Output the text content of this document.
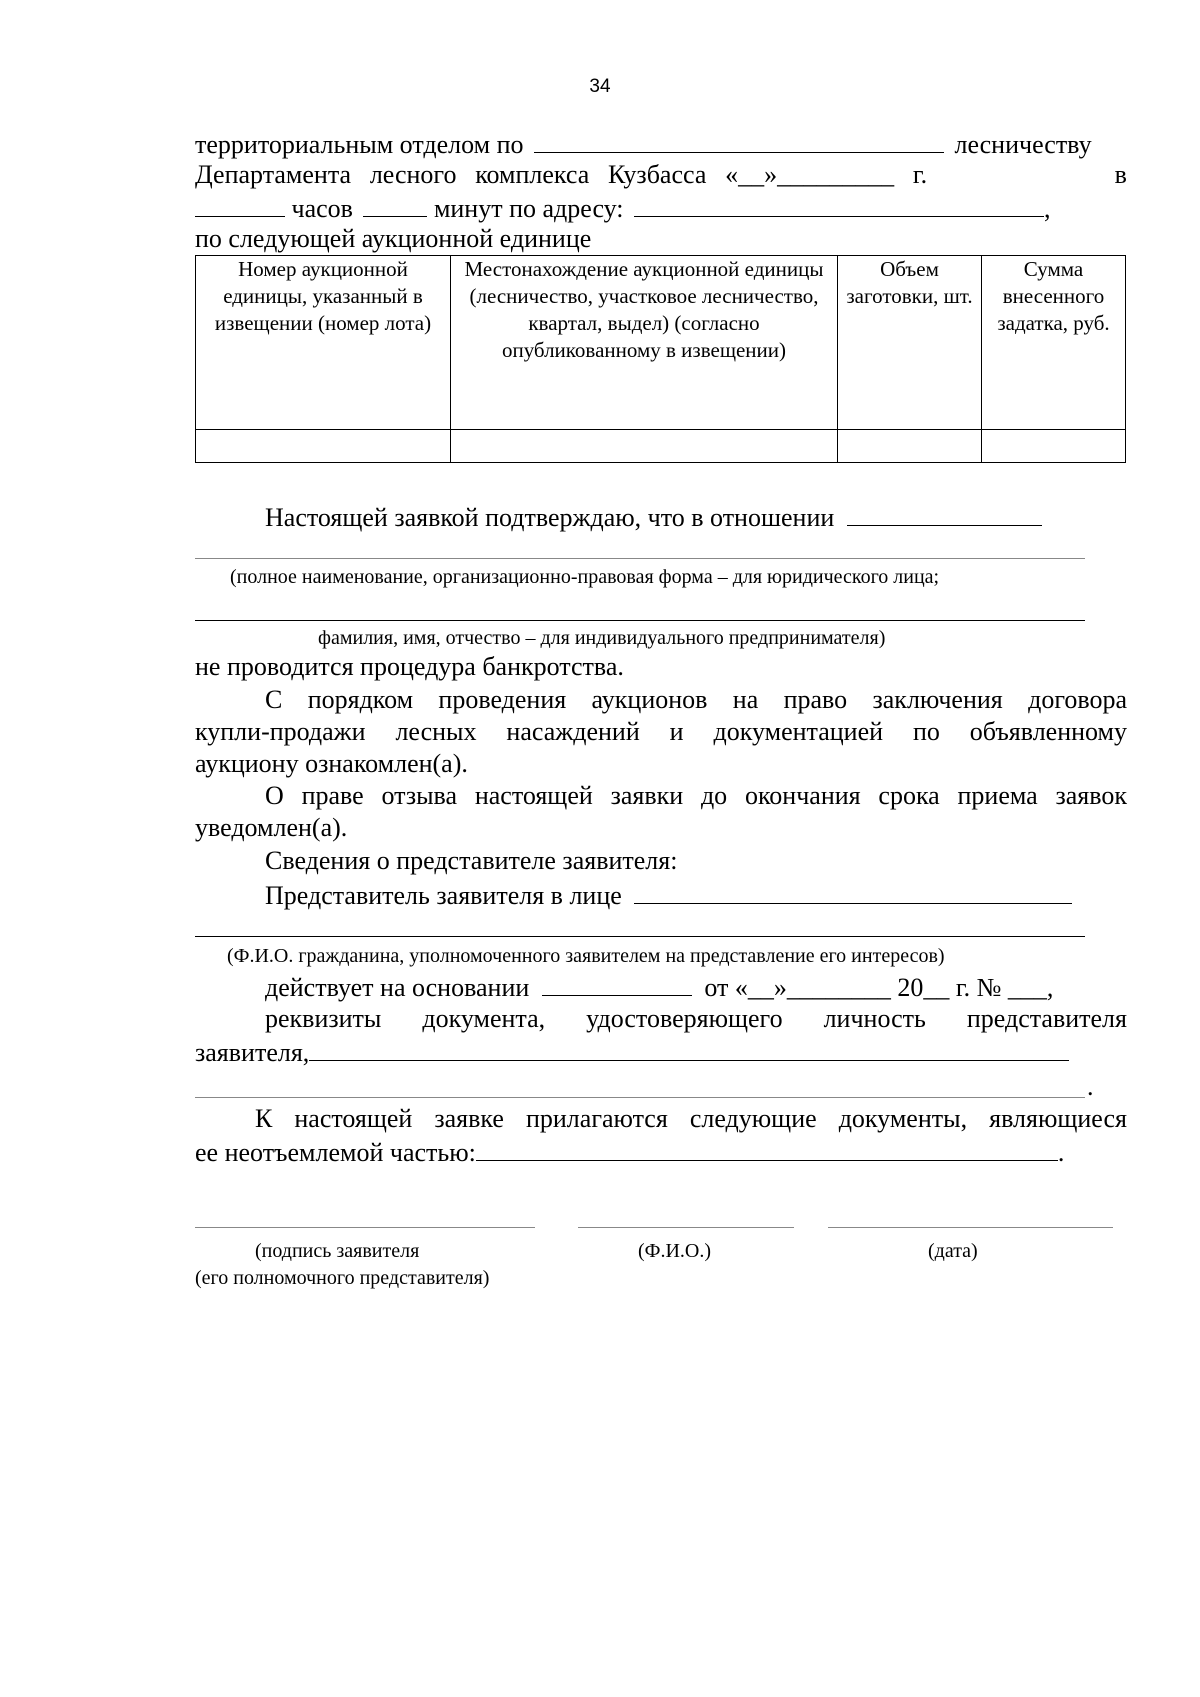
34
территориальным отделом по	лесничеству
Департамента лесного комплекса Кузбасса «__»_________ г.	в
часов	минут по адресу:	,
по следующей аукционной единице
Номер аукционной единицы, указанный в извещении (номер лота)	Местонахождение аукционной единицы (лесничество, участковое лесничество, квартал, выдел) (согласно опубликованному в извещении)	Объем заготовки, шт.	Сумма внесенного задатка, руб.

Настоящей заявкой подтверждаю, что в отношении
(полное наименование, организационно-правовая форма – для юридического лица;
фамилия, имя, отчество – для индивидуального предпринимателя)
не проводится процедура банкротства.
С порядком проведения аукционов на право заключения договора
купли-продажи лесных насаждений и документацией по объявленному
аукциону ознакомлен(а).
О праве отзыва настоящей заявки до окончания срока приема заявок
уведомлен(а).
Сведения о представителе заявителя:
Представитель заявителя в лице
(Ф.И.О. гражданина, уполномоченного заявителем на представление его интересов)
действует на основании	от «__»________ 20__ г. № ___,
реквизиты документа, удостоверяющего личность представителя
заявителя,
.
К настоящей заявке прилагаются следующие документы, являющиеся
ее неотъемлемой частью:	.
(подпись заявителя
(его полномочного представителя)
(Ф.И.О.)	(дата)
